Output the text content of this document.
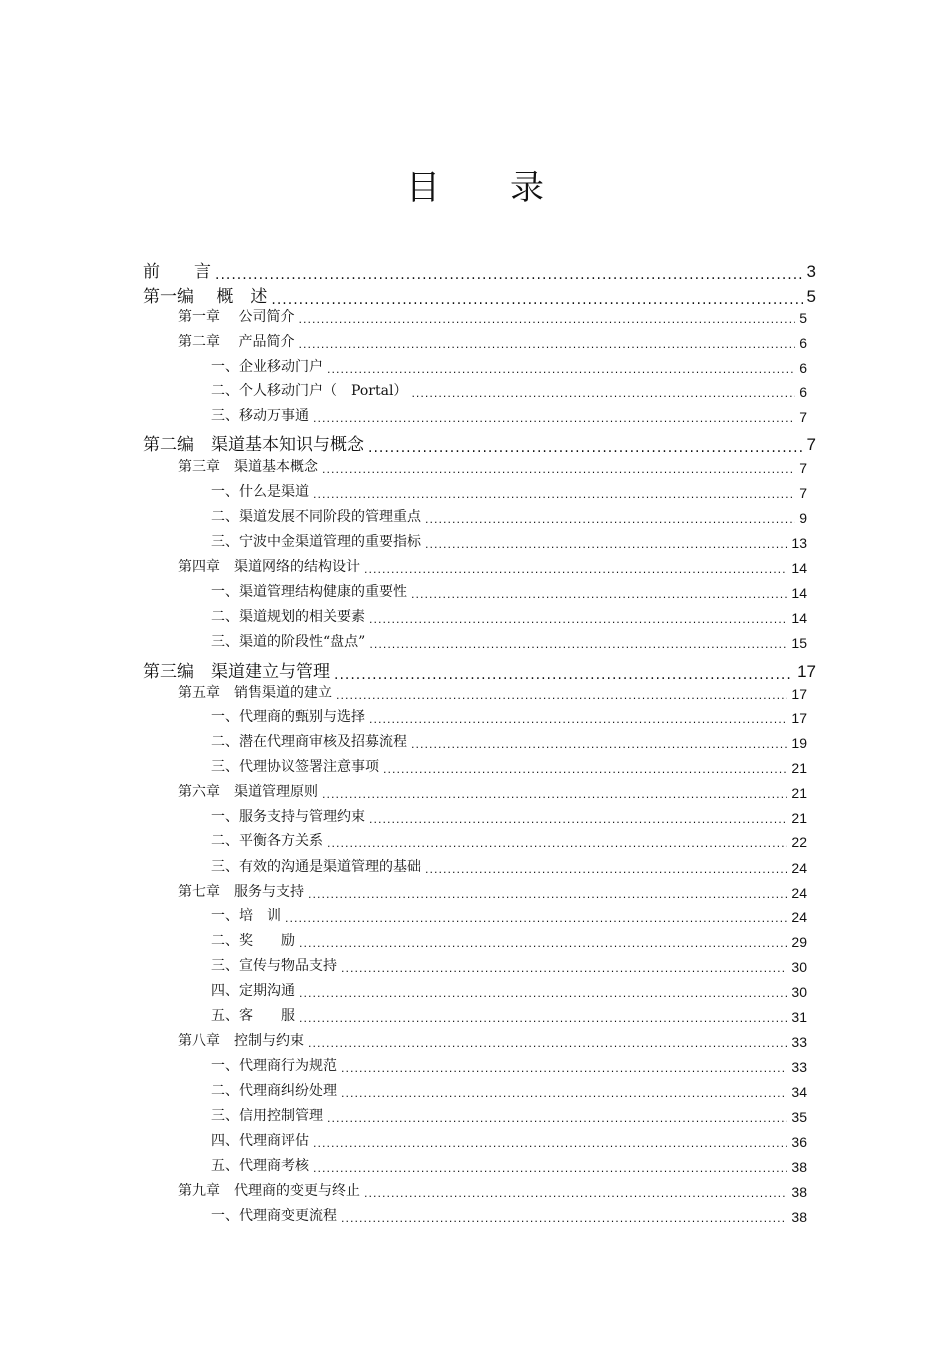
目 录
前　　言 .....	3
第一编　 概　述 .....	5
第一章　 公司简介 .....	5
第二章　 产品简介 .....	6
一、企业移动门户 .....	6
二、个人移动门户（　Portal） .....	6
三、移动万事通 .....	7
第二编　渠道基本知识与概念 .....	7
第三章　渠道基本概念 .....	7
一、什么是渠道 .....	7
二、渠道发展不同阶段的管理重点 .....	9
三、宁波中金渠道管理的重要指标 .....	13
第四章　渠道网络的结构设计 .....	14
一、渠道管理结构健康的重要性 .....	14
二、渠道规划的相关要素 .....	14
三、渠道的阶段性“盘点” .....	15
第三编　渠道建立与管理 .....	17
第五章　销售渠道的建立 .....	17
一、代理商的甄别与选择 .....	17
二、潜在代理商审核及招募流程 .....	19
三、代理协议签署注意事项 .....	21
第六章　渠道管理原则 .....	21
一、服务支持与管理约束 .....	21
二、平衡各方关系 .....	22
三、有效的沟通是渠道管理的基础 .....	24
第七章　服务与支持 .....	24
一、培　训 .....	24
二、奖　　励 .....	29
三、宣传与物品支持 .....	30
四、定期沟通 .....	30
五、客　　服 .....	31
第八章　控制与约束 .....	33
一、代理商行为规范 .....	33
二、代理商纠纷处理 .....	34
三、信用控制管理 .....	35
四、代理商评估 .....	36
五、代理商考核 .....	38
第九章　代理商的变更与终止 .....	38
一、代理商变更流程 .....	38
